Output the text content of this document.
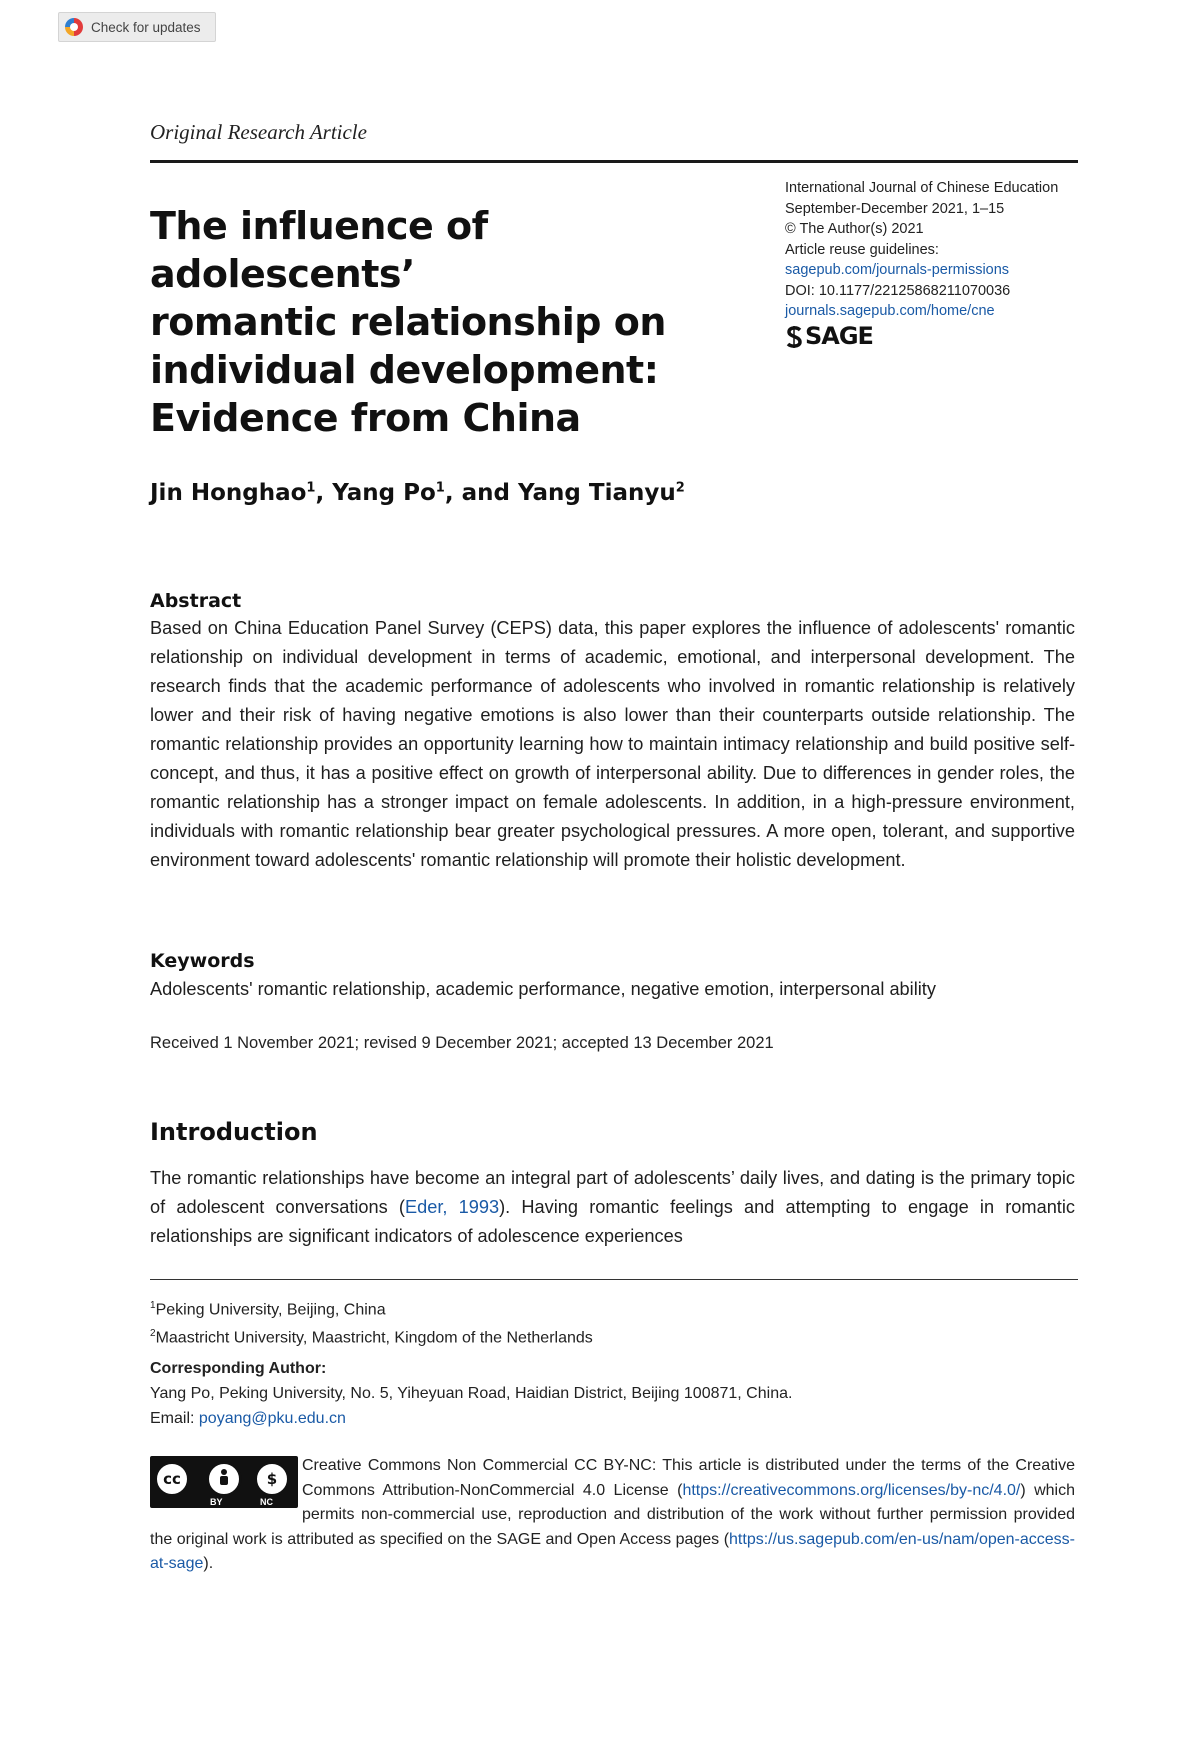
Check for updates
Original Research Article
The influence of adolescents’
romantic relationship on
individual development:
Evidence from China
International Journal of Chinese Education
September-December 2021, 1–15
© The Author(s) 2021
Article reuse guidelines:
sagepub.com/journals-permissions
DOI: 10.1177/22125868211070036
journals.sagepub.com/home/cne
SAGE
Jin Honghao$^1$, Yang Po$^1$, and Yang Tianyu$^2$
Abstract
Based on China Education Panel Survey (CEPS) data, this paper explores the influence of adolescents' romantic relationship on individual development in terms of academic, emotional, and interpersonal development. The research finds that the academic performance of adolescents who involved in romantic relationship is relatively lower and their risk of having negative emotions is also lower than their counterparts outside relationship. The romantic relationship provides an opportunity learning how to maintain intimacy relationship and build positive self-concept, and thus, it has a positive effect on growth of interpersonal ability. Due to differences in gender roles, the romantic relationship has a stronger impact on female adolescents. In addition, in a high-pressure environment, individuals with romantic relationship bear greater psychological pressures. A more open, tolerant, and supportive environment toward adolescents' romantic relationship will promote their holistic development.
Keywords
Adolescents' romantic relationship, academic performance, negative emotion, interpersonal ability
Received 1 November 2021; revised 9 December 2021; accepted 13 December 2021
Introduction
The romantic relationships have become an integral part of adolescents’ daily lives, and dating is the primary topic of adolescent conversations (Eder, 1993). Having romantic feelings and attempting to engage in romantic relationships are significant indicators of adolescence experiences
$^1$Peking University, Beijing, China
$^2$Maastricht University, Maastricht, Kingdom of the Netherlands
Corresponding Author:
Yang Po, Peking University, No. 5, Yiheyuan Road, Haidian District, Beijing 100871, China.
Email: poyang@pku.edu.cn
Creative Commons Non Commercial CC BY-NC: This article is distributed under the terms of the Creative Commons Attribution-NonCommercial 4.0 License (https://creativecommons.org/licenses/by-nc/4.0/) which permits non-commercial use, reproduction and distribution of the work without further permission provided the original work is attributed as specified on the SAGE and Open Access pages (https://us.sagepub.com/en-us/nam/open-access-at-sage).
cc	$
BY	NC
